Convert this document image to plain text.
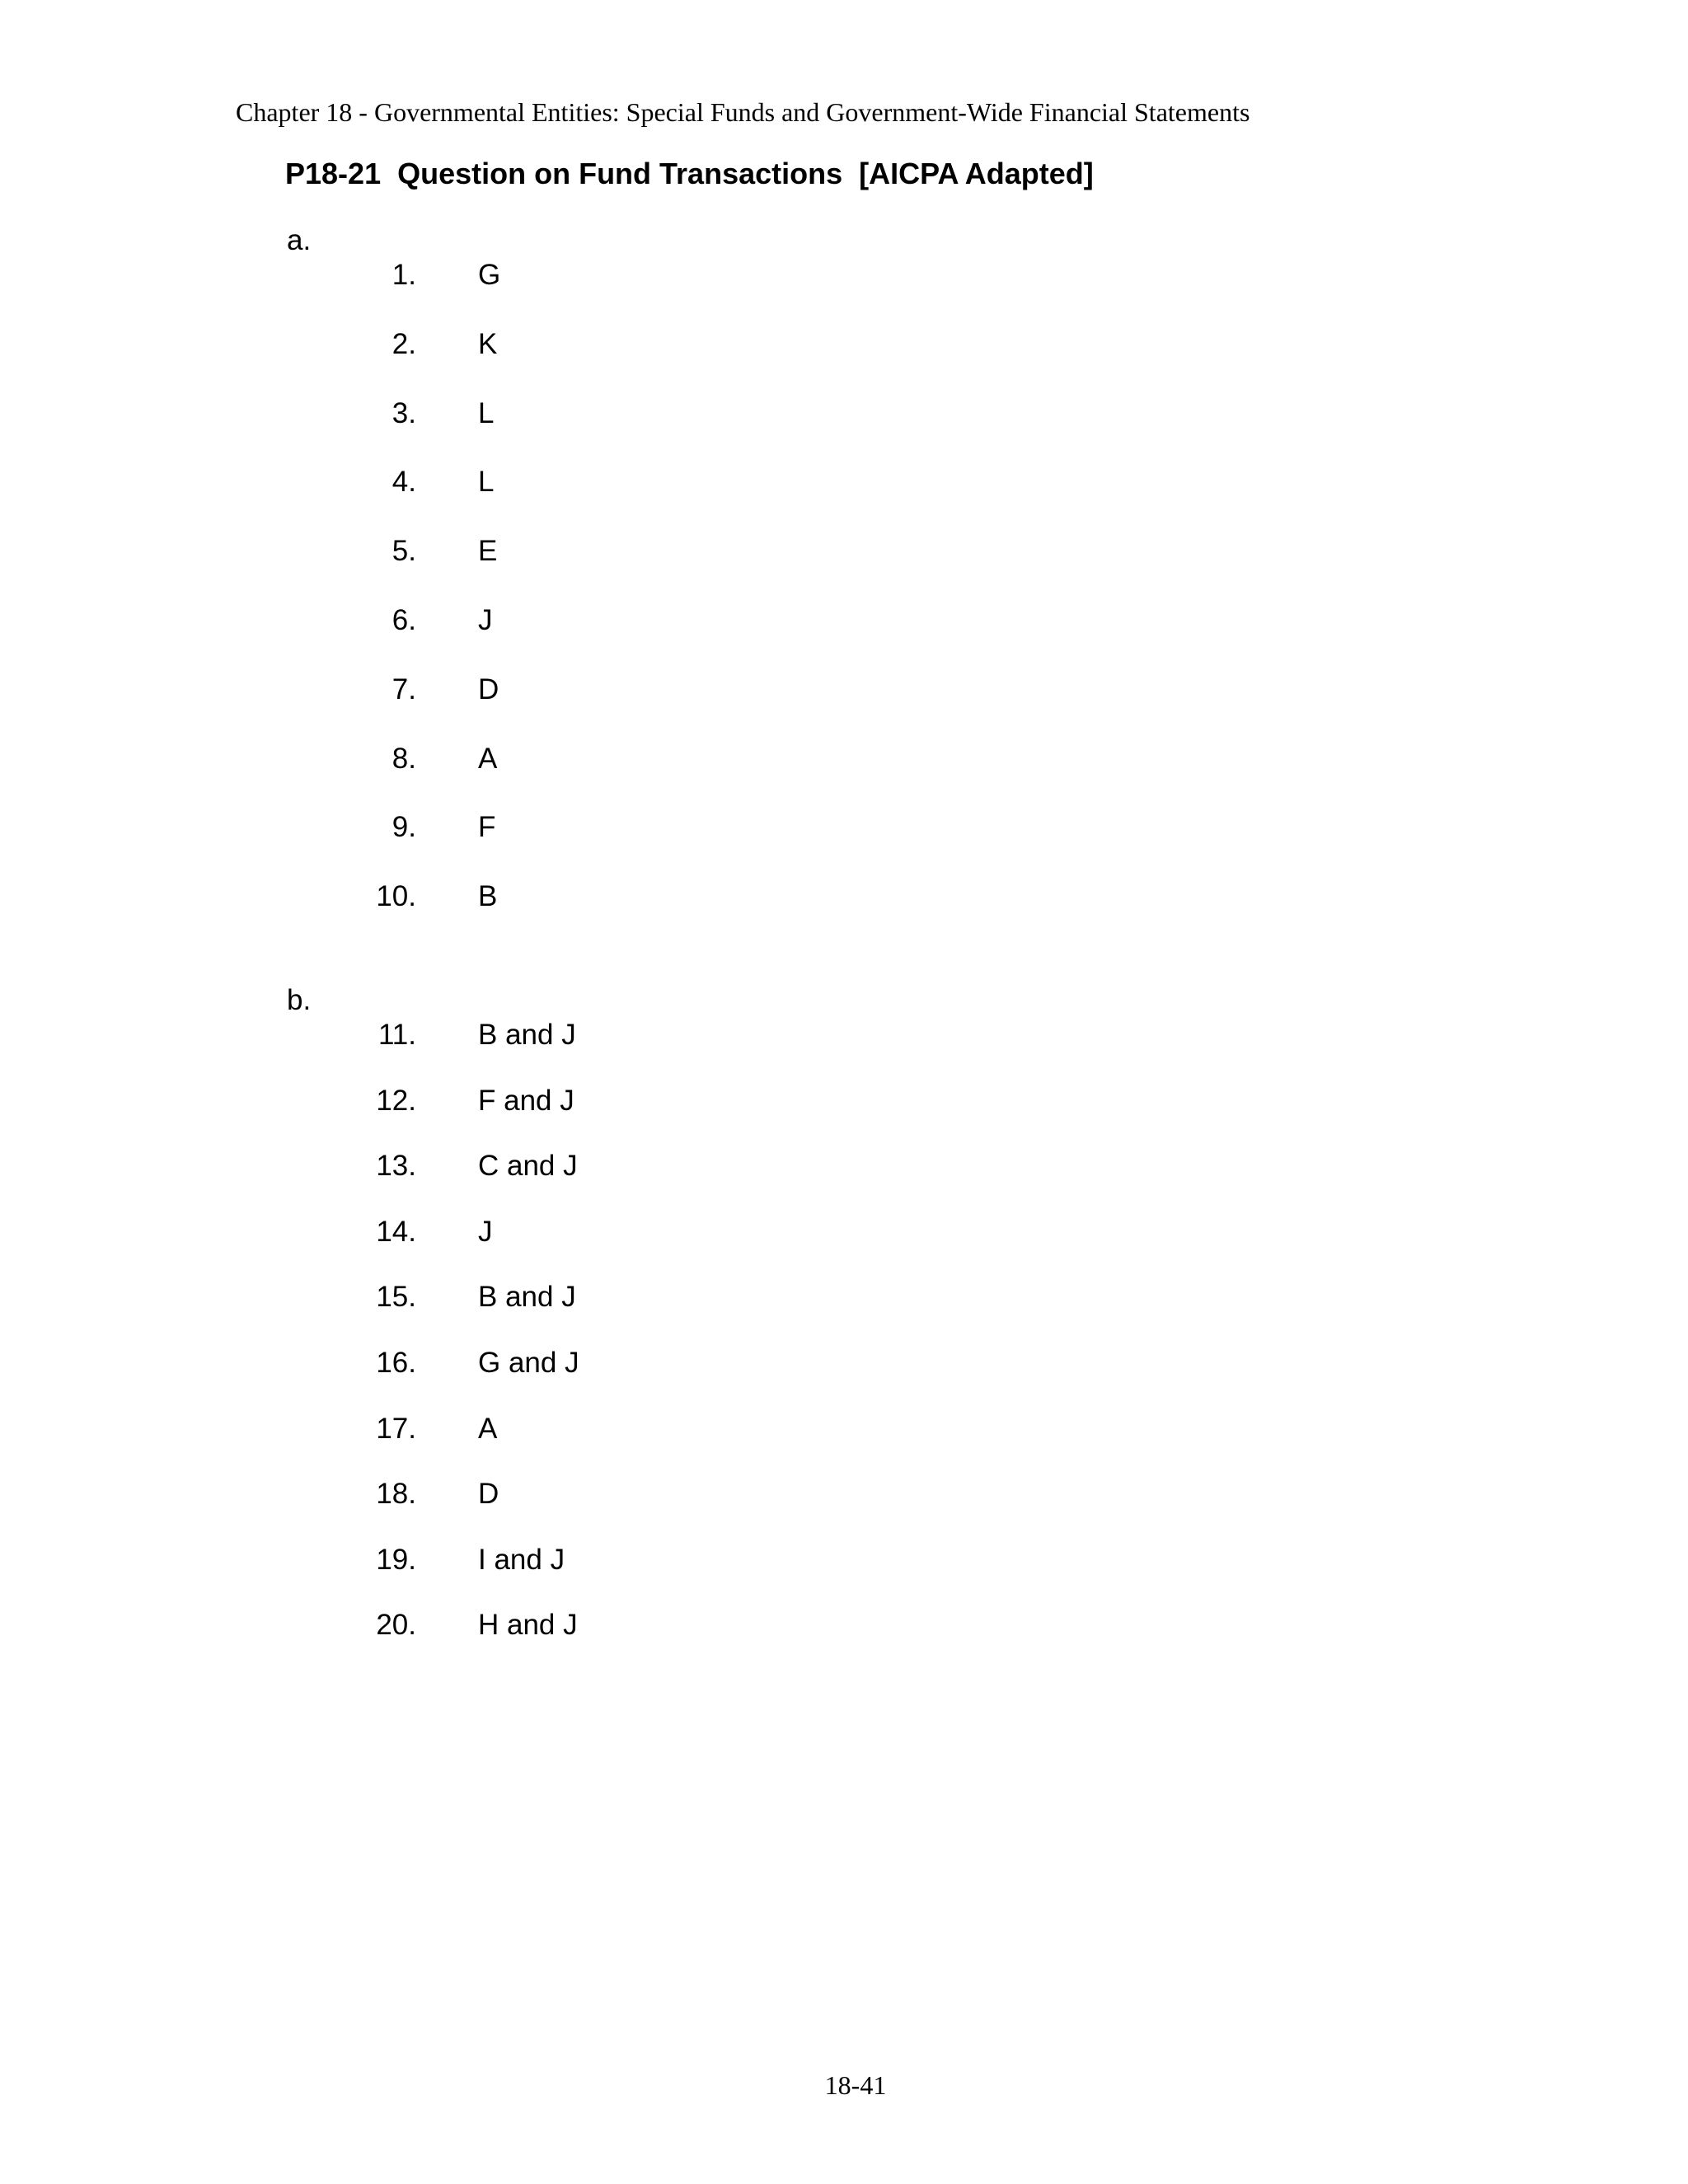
Chapter 18 - Governmental Entities: Special Funds and Government-Wide Financial Statements
P18-21  Question on Fund Transactions  [AICPA Adapted]
a.
1. G
2. K
3. L
4. L
5. E
6. J
7. D
8. A
9. F
10. B
b.
11. B and J
12. F and J
13. C and J
14. J
15. B and J
16. G and J
17. A
18. D
19. I and J
20. H and J
18-41
